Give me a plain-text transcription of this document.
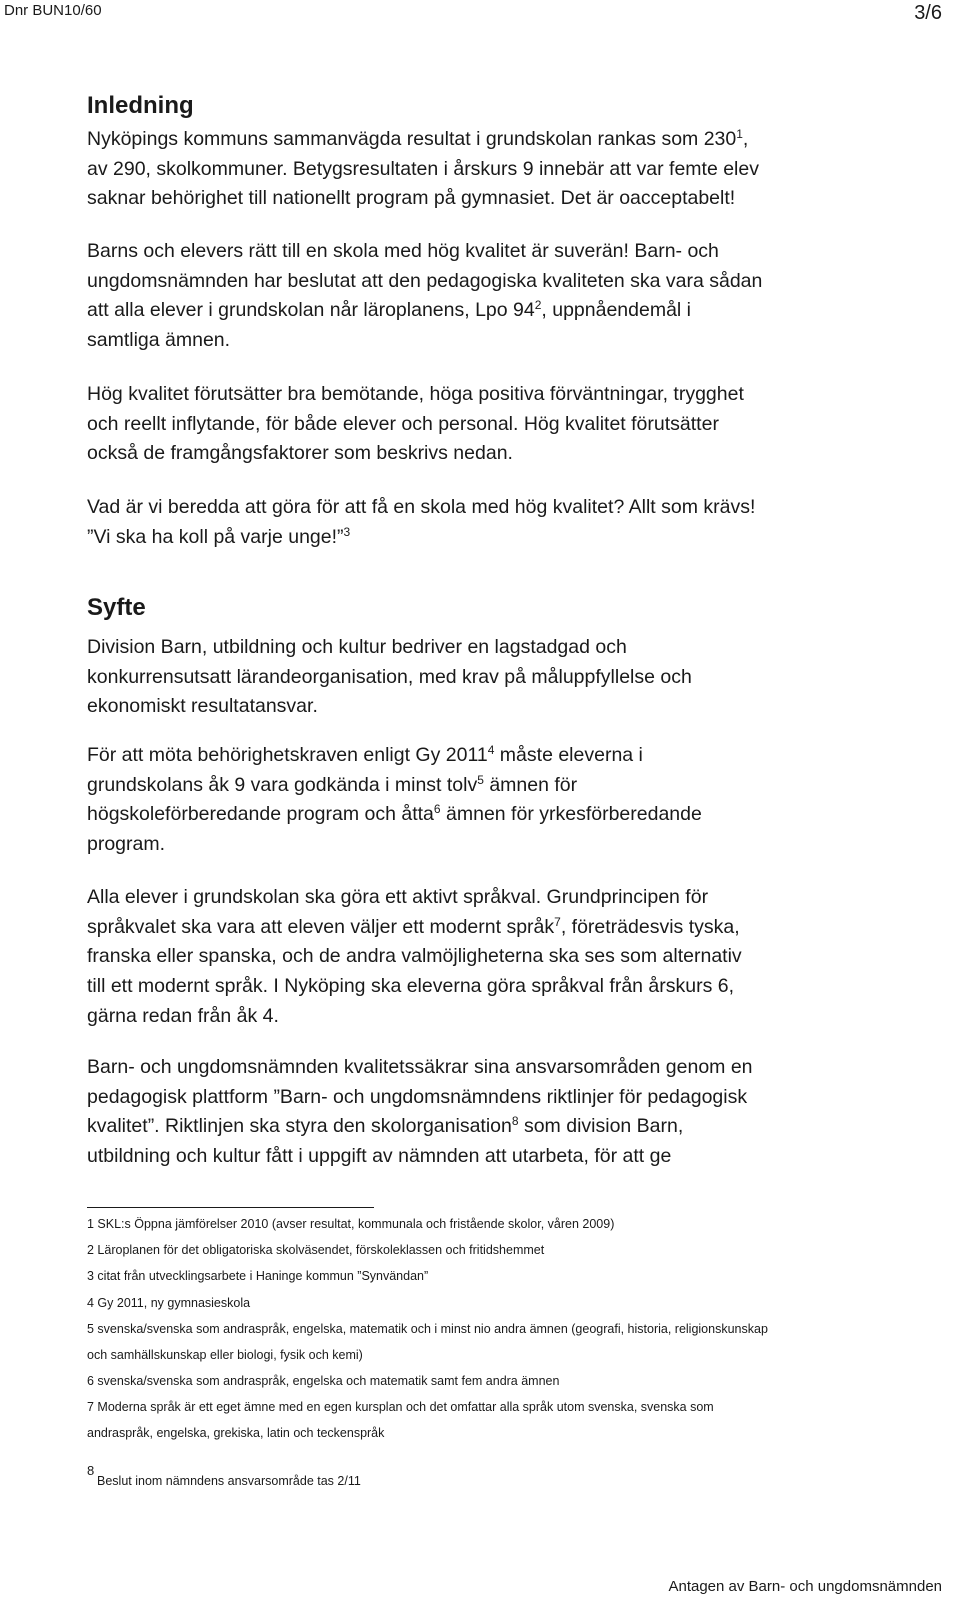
Dnr BUN10/60	3/6
Inledning

Nyköpings kommuns sammanvägda resultat i grundskolan rankas som $230^1$,
av 290, skolkommuner. Betygsresultaten i årskurs 9 innebär att var femte elev
saknar behörighet till nationellt program på gymnasiet. Det är oacceptabelt!

Barns och elevers rätt till en skola med hög kvalitet är suverän! Barn- och
ungdomsnämnden har beslutat att den pedagogiska kvaliteten ska vara sådan
att alla elever i grundskolan når läroplanens, Lpo $94^2$, uppnåendemål i
samtliga ämnen.

Hög kvalitet förutsätter bra bemötande, höga positiva förväntningar, trygghet
och reellt inflytande, för både elever och personal. Hög kvalitet förutsätter
också de framgångsfaktorer som beskrivs nedan.

Vad är vi beredda att göra för att få en skola med hög kvalitet? Allt som krävs!
”Vi ska ha koll på varje unge!”$^3$

Syfte

Division Barn, utbildning och kultur bedriver en lagstadgad och
konkurrensutsatt lärandeorganisation, med krav på måluppfyllelse och
ekonomiskt resultatansvar.

För att möta behörighetskraven enligt Gy 2011$^4$ måste eleverna i
grundskolans åk 9 vara godkända i minst tolv$^5$ ämnen för
högskoleförberedande program och åtta$^6$ ämnen för yrkesförberedande
program.

Alla elever i grundskolan ska göra ett aktivt språkval. Grundprincipen för
språkvalet ska vara att eleven väljer ett modernt språk$^7$, företrädesvis tyska,
franska eller spanska, och de andra valmöjligheterna ska ses som alternativ
till ett modernt språk. I Nyköping ska eleverna göra språkval från årskurs 6,
gärna redan från åk 4.

Barn- och ungdomsnämnden kvalitetssäkrar sina ansvarsområden genom en
pedagogisk plattform ”Barn- och ungdomsnämndens riktlinjer för pedagogisk
kvalitet”. Riktlinjen ska styra den skolorganisation$^8$ som division Barn,
utbildning och kultur fått i uppgift av nämnden att utarbeta, för att ge

1 SKL:s Öppna jämförelser 2010 (avser resultat, kommunala och fristående skolor, våren 2009)
2 Läroplanen för det obligatoriska skolväsendet, förskoleklassen och fritidshemmet
3 citat från utvecklingsarbete i Haninge kommun ”Synvändan”
4 Gy 2011, ny gymnasieskola
5 svenska/svenska som andraspråk, engelska, matematik och i minst nio andra ämnen (geografi, historia, religionskunskap
och samhällskunskap eller biologi, fysik och kemi)
6 svenska/svenska som andraspråk, engelska och matematik samt fem andra ämnen
7 Moderna språk är ett eget ämne med en egen kursplan och det omfattar alla språk utom svenska, svenska som
andraspråk, engelska, grekiska, latin och teckenspråk
8
Beslut inom nämndens ansvarsområde tas 2/11
Antagen av Barn- och ungdomsnämnden
